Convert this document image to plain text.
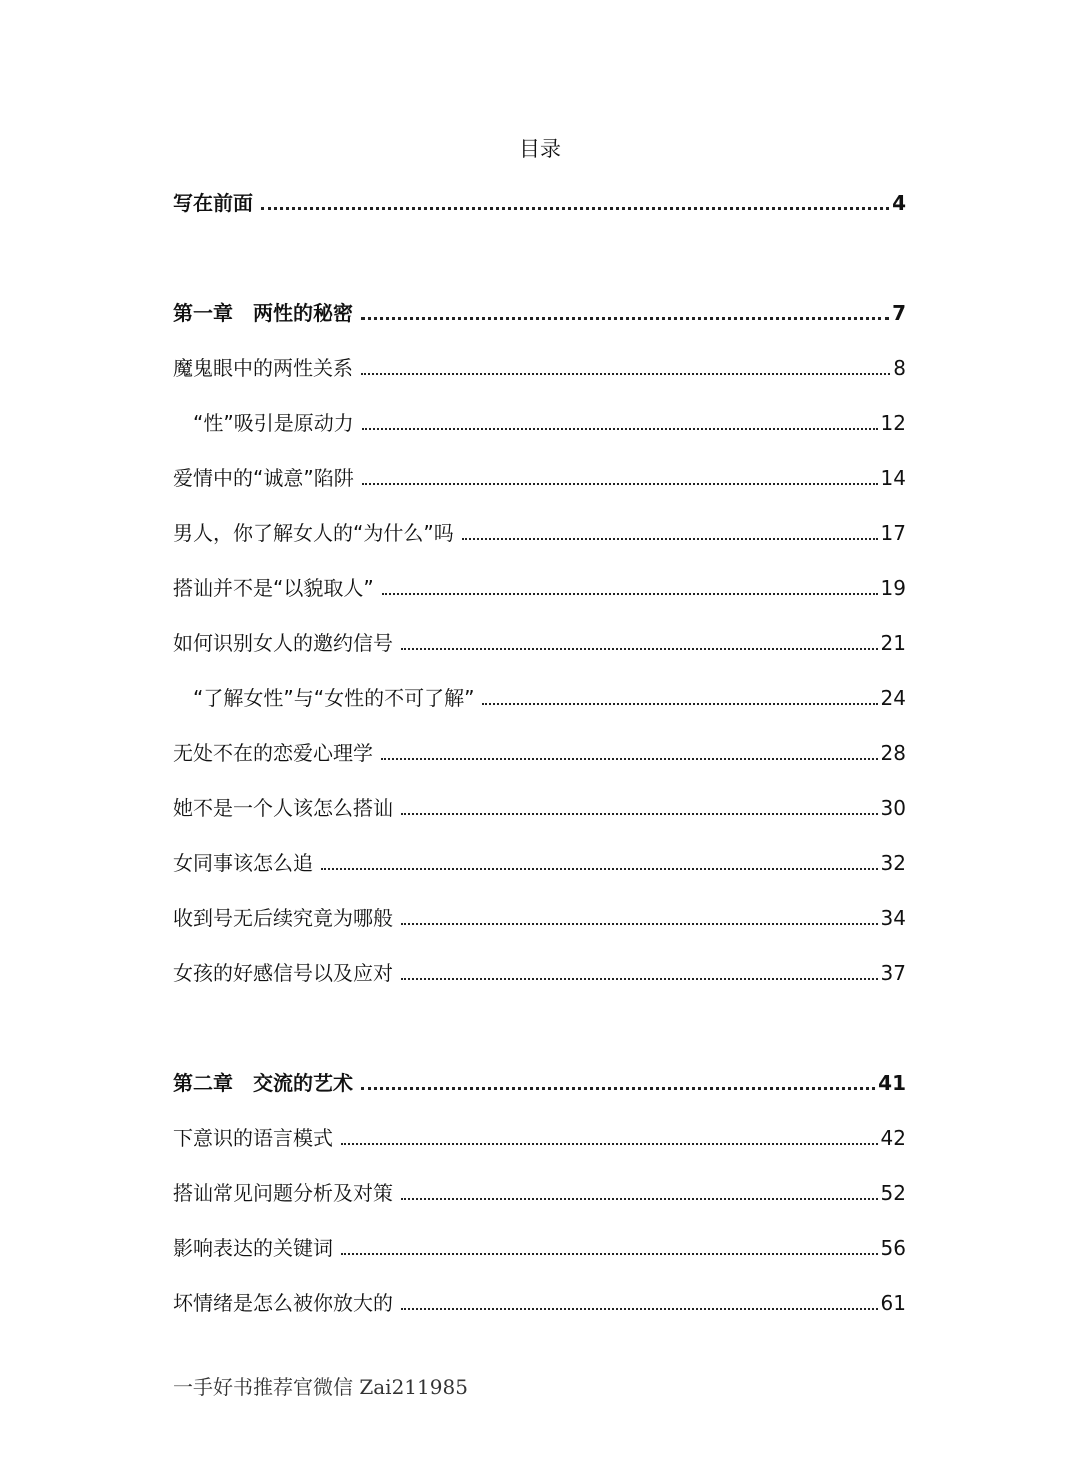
目录
写在前面	4
第一章　两性的秘密	7
魔鬼眼中的两性关系	8
“性”吸引是原动力	12
爱情中的“诚意”陷阱	14
男人，你了解女人的“为什么”吗	17
搭讪并不是“以貌取人”	19
如何识别女人的邀约信号	21
“了解女性”与“女性的不可了解”	24
无处不在的恋爱心理学	28
她不是一个人该怎么搭讪	30
女同事该怎么追	32
收到号无后续究竟为哪般	34
女孩的好感信号以及应对	37
第二章　交流的艺术	41
下意识的语言模式	42
搭讪常见问题分析及对策	52
影响表达的关键词	56
坏情绪是怎么被你放大的	61
一手好书推荐官微信 Zai211985
